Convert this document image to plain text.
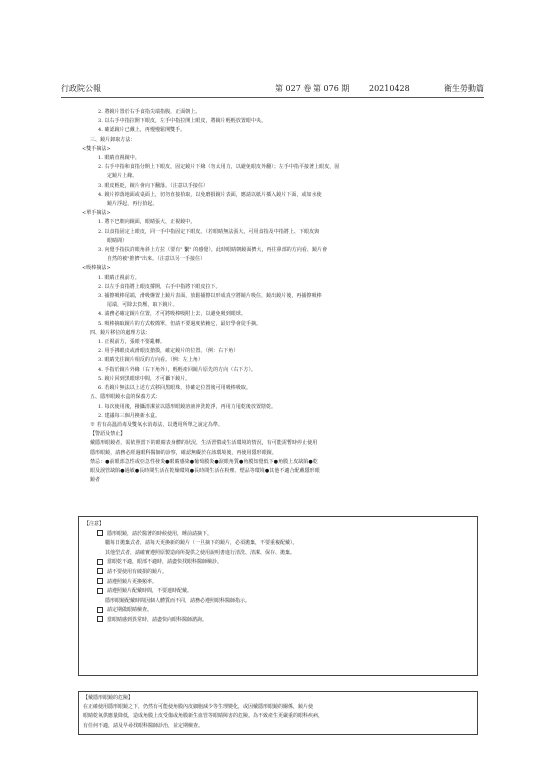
行政院公報	第 027 卷 第 076 期 20210428	衛生勞動篇

2. 將鏡片置於右手食指尖端指腹，正面朝上。

3. 以右手中指拉開下眼皮，左手中指拉開上眼皮，將鏡片輕輕放置眼中央。

4. 確認鏡片已戴上，再慢慢鬆開雙手。

三、鏡片卸取方法：

<雙手摘法>

1. 眼睛直視鏡中。

2. 右手中指和食指分開上下眼皮，固定鏡片下緣（勿太用力，以避免眼皮外翻）；左手中指平接著上眼皮，固

定鏡片上緣。

3. 眼皮輕眨，鏡片會向下翻落。（注意以手接住）

4. 鏡片掉落地面或桌面上，切勿直接拾取，以免磨損鏡片表面，應請以紙片插入鏡片下面，或如水使

鏡片浮起，再行拾起。

<單手摘法>

1. 將下巴朝向鏡面，眼睛張大，正視鏡中。

2. 以食指固定上眼皮，同一手中指固定下眼皮。（若眼睛無法張大，可用食指及中指將上、下眼皮與

眼睛間）

3. 向覺手指扶許眼角斜上方拉（要有" 繫" 的感覺），此時眼睛朝鏡面擠大，再往鼻部的方向看，鏡片會

自然的被"推擠"出來。（注意以另一手接住）

<吸棒摘法>

1. 眼睛正視前方。

2. 以左手食指將上眼皮撐開，右手中指將下眼皮拉下。

3. 捕擦吸棒尾端，滑吸盤置上鏡片表面，放鬆捕擦以形成真空將鏡片吸住，鏡出鏡片後，再捕擦吸棒

尾端，可除去負壓，取下鏡片。

4. 請務必確定鏡片位置，才可將吸棒吸附上去，以避免吸到眼球。

5. 吸棒摘取鏡片的方式較簡單，但請不要過度依賴它，最好學會徒手摘。

四、鏡片移位的處理方法：

1. 正視前方，張眼不要亂轉。

2. 用手拂眼皮或滑眼皮搶摸，確定鏡片的位置。（例：右下角）

3. 眼睛先往鏡片相反的方向看。（例：左上角）

4. 手指於鏡片外緣（右下角外），輕輕產回鏡片原先的方向（右下方）。

5. 鏡片回到黑眼球中間，才可攝下鏡片。

6. 若鏡片無法以上述方式移回黑眼珠，待確定位置後可用吸棒吸取。

五、隱形眼鏡水盒的保養方式：

1. 每次使用後，撥攝清潔並以隱形眼鏡溶液沖洗乾淨，再用力甩乾後放置陰乾。

2. 建議每三個月換新水盒。

※ 若有高溫消毒及雙氧水消毒法，以選用所單之說定為準。

【警語及禁止】

戴隱形眼鏡者，需依照當下的眼睛表身體的狀況，生活習慣或生活環境的情況，有可能需暫時停止使用

隱形眼鏡，請務必經過眼科醫師的診察，確認無礙於在該環境後，再使用隱形眼鏡。

禁忌：●前眼部急性或亞急性發炎●眼睛感染●葡萄膜炎●淚眼角質●角膜知覺低下●角膜上皮缺陷●乾

眼及淚管缺陷●過敏●長時間生活在乾燥環境●長時間生活在粉塵、煙品等環境●其他不適合配戴隱形眼

鏡者

【注意】

隱形眼鏡，請於醫著的時候使用，睡前請摘下。

屬每日拋棄式者，請每天更換新的鏡片（一旦摘下的鏡片，必須拋棄，不要重複配戴）。

其他型式者，請確實遵照原製造商所提供之使用說明書進行清洗、清潔、保存、拋棄。

當眼乾不適，眼部不適時，請盡快找眼科醫師檢診。

請不要使用有破損的鏡片。

請遵照鏡片更換頻率。

請遵照鏡片配戴時間，不要連時配戴。

隱形眼鏡配戴時間因個人體質而不同，請務必遵照眼科醫師指示。

請定期做眼睛檢查。

當眼睛感到異常時，請盡快向眼科醫師諮詢。

【戴隱形眼鏡的危險】

在正確使用隱形眼鏡之下，仍然有可能使角膜內皮細胞減少等生理變化，或因戴隱形眼鏡的關係，鏡片使

眼睛乾氧供應量降低，造成角膜上皮受傷或角膜新生血管等眼睛障害的危險。為不致產生更嚴重的眼科疾病，

有任何不適，請及早尋找眼科醫師診治，並定期檢查。
